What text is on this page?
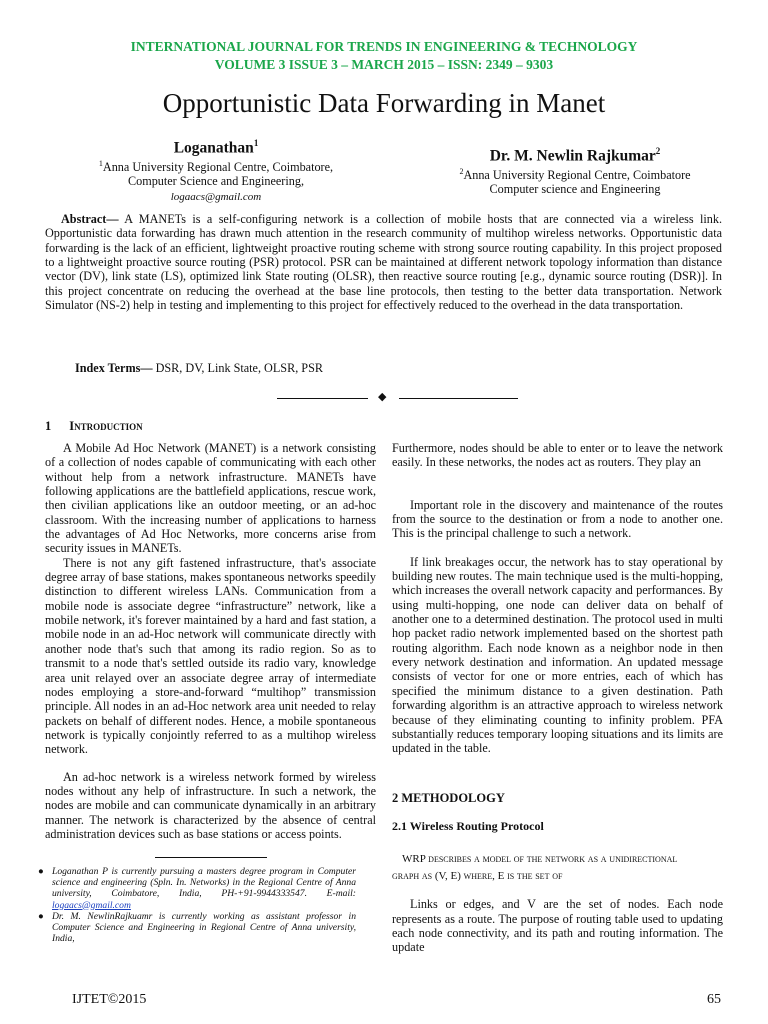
INTERNATIONAL JOURNAL FOR TRENDS IN ENGINEERING & TECHNOLOGY
VOLUME 3 ISSUE 3 – MARCH 2015 – ISSN: 2349 – 9303
Opportunistic Data Forwarding in Manet
Loganathan$^1$
$^1$Anna University Regional Centre, Coimbatore,
Computer Science and Engineering,
logaacs@gmail.com
Dr. M. Newlin Rajkumar$^2$
$^2$Anna University Regional Centre, Coimbatore
Computer science and Engineering
Abstract— A MANETs is a self-configuring network is a collection of mobile hosts that are connected via a wireless link. Opportunistic data forwarding has drawn much attention in the research community of multihop wireless networks. Opportunistic data forwarding is the lack of an efficient, lightweight proactive routing scheme with strong source routing capability. In this project proposed to a lightweight proactive source routing (PSR) protocol. PSR can be maintained at different network topology information than distance vector (DV), link state (LS), optimized link State routing (OLSR), then reactive source routing [e.g., dynamic source routing (DSR)]. In this project concentrate on reducing the overhead at the base line protocols, then testing to the better data transportation. Network Simulator (NS-2) help in testing and implementing to this project for effectively reduced to the overhead in the data transportation.
Index Terms— DSR, DV, Link State, OLSR, PSR
◆
1 Introduction

A Mobile Ad Hoc Network (MANET) is a network consisting of a collection of nodes capable of communicating with each other without help from a network infrastructure. MANETs have following applications are the battlefield applications, rescue work, then civilian applications like an outdoor meeting, or an ad-hoc classroom. With the increasing number of applications to harness the advantages of Ad Hoc Networks, more concerns arise from security issues in MANETs.

There is not any gift fastened infrastructure, that's associate degree array of base stations, makes spontaneous networks speedily distinction to different wireless LANs. Communication from a mobile node is associate degree “infrastructure” network, like a mobile network, it's forever maintained by a hard and fast station, a mobile node in an ad-Hoc network will communicate directly with another node that's such that among its radio region. So as to transmit to a node that's settled outside its radio vary, knowledge area unit relayed over an associate degree array of intermediate nodes employing a store-and-forward “multihop” transmission principle. All nodes in an ad-Hoc network area unit needed to relay packets on behalf of different nodes. Hence, a mobile spontaneous network is typically conjointly referred to as a multihop wireless network.

An ad-hoc network is a wireless network formed by wireless nodes without any help of infrastructure. In such a network, the nodes are mobile and can communicate dynamically in an arbitrary manner. The network is characterized by the absence of central administration devices such as base stations or access points.

● Loganathan P is currently pursuing a masters degree program in Computer science and engineering (Spln. In. Networks) in the Regional Centre of Anna university, Coimbatore, India, PH-+91-9944333547. E-mail: logaacs@gmail.com
● Dr. M. NewlinRajkuamr is currently working as assistant professor in Computer Science and Engineering in Regional Centre of Anna university, India,

Furthermore, nodes should be able to enter or to leave the network easily. In these networks, the nodes act as routers. They play an

Important role in the discovery and maintenance of the routes from the source to the destination or from a node to another one. This is the principal challenge to such a network.

If link breakages occur, the network has to stay operational by building new routes. The main technique used is the multi-hopping, which increases the overall network capacity and performances. By using multi-hopping, one node can deliver data on behalf of another one to a determined destination. The protocol used in multi hop packet radio network implemented based on the shortest path routing algorithm. Each node known as a neighbor node in then every network destination and information. An updated message consists of vector for one or more entries, each of which has specified the minimum distance to a given destination. Path forwarding algorithm is an attractive approach to wireless network because of they eliminating counting to infinity problem. PFA substantially reduces temporary looping situations and its limits are updated in the table.

2 METHODOLOGY
2.1 Wireless Routing Protocol
WRP describes a model of the network as a unidirectional
graph as (V, E) where, E is the set of

Links or edges, and V are the set of nodes. Each node represents as a route. The purpose of routing table used to updating each node connectivity, and its path and routing information. The update

IJTET©2015	65
